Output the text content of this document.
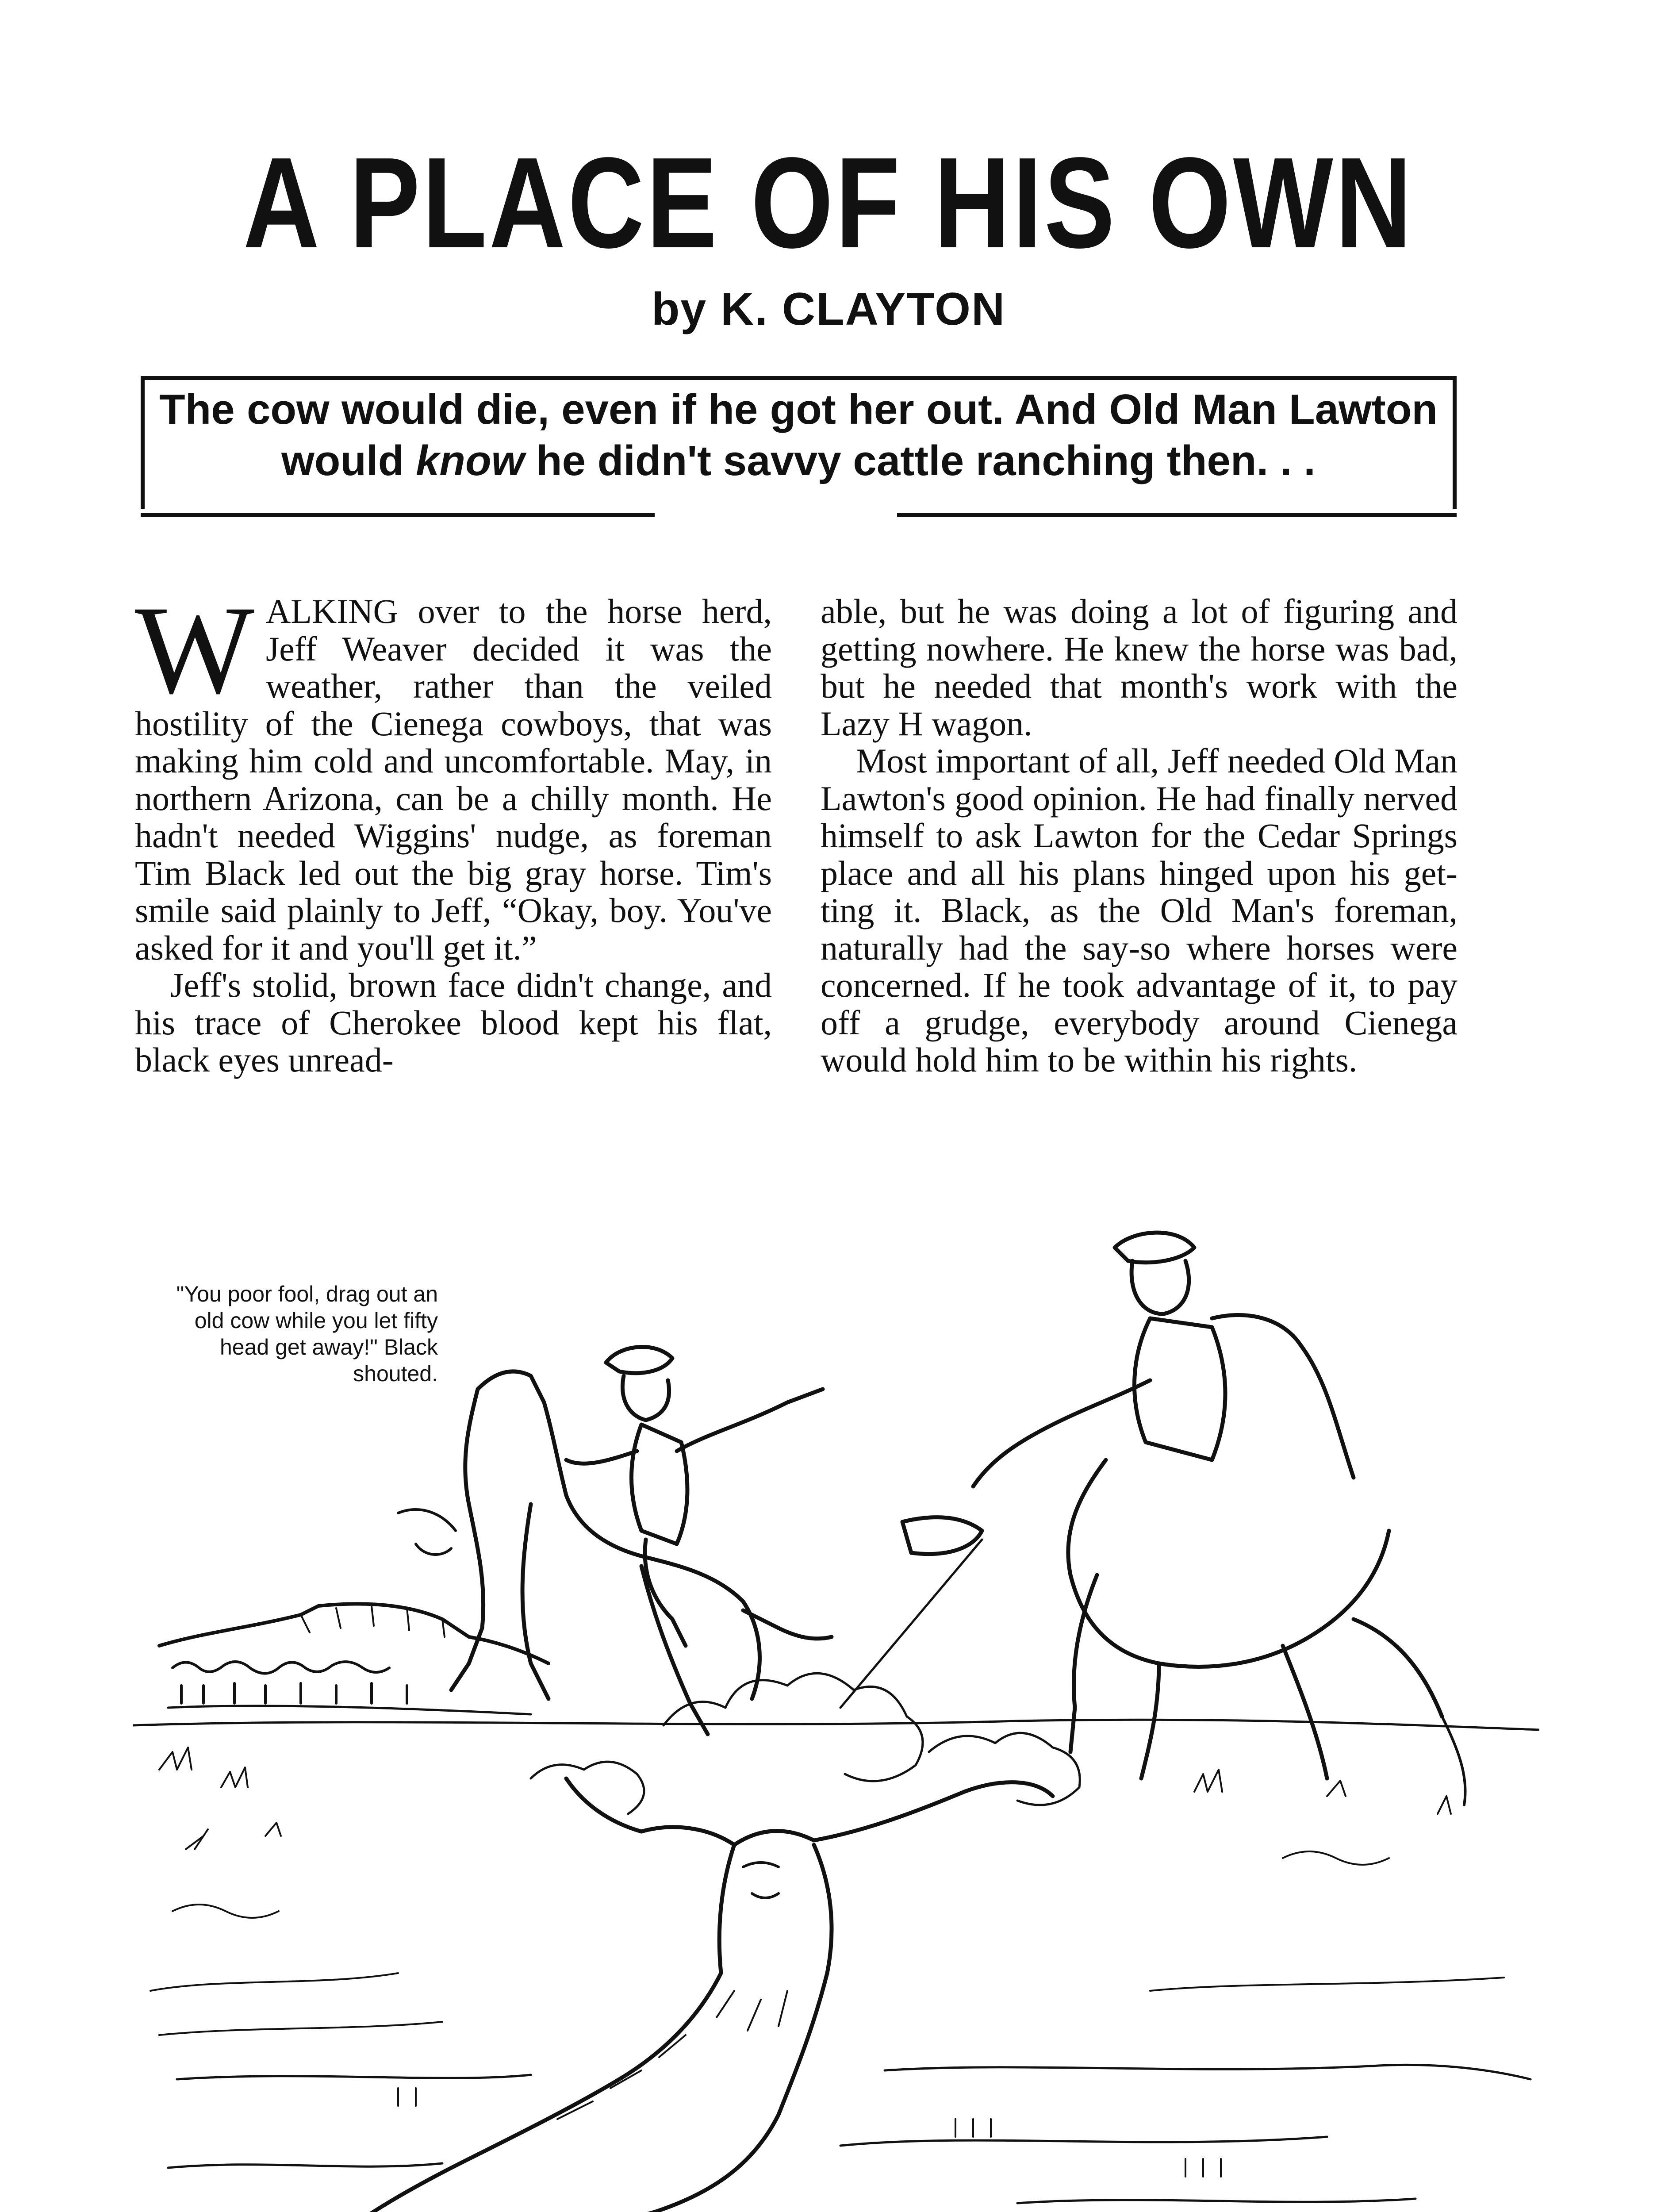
A PLACE OF HIS OWN
by K. CLAYTON

The cow would die, even if he got her out. And Old Man Lawton would know he didn't savvy cattle ranching then. . .

WALKING over to the horse herd, Jeff Weaver decided it was the weather, rather than the veiled hostility of the Cienega cowboys, that was making him cold and uncomfortable. May, in northern Arizona, can be a chilly month. He hadn't needed Wiggins' nudge, as foreman Tim Black led out the big gray horse. Tim's smile said plainly to Jeff, “Okay, boy. You've asked for it and you'll get it.”

Jeff's stolid, brown face didn't change, and his trace of Cherokee blood kept his flat, black eyes unread-

able, but he was doing a lot of figuring and getting nowhere. He knew the horse was bad, but he needed that month's work with the Lazy H wagon.

Most important of all, Jeff needed Old Man Lawton's good opinion. He had finally nerved himself to ask Lawton for the Cedar Springs place and all his plans hinged upon his getting it. Black, as the Old Man's foreman, naturally had the say-so where horses were concerned. If he took advantage of it, to pay off a grudge, everybody around Cienega would hold him to be within his rights.

"You poor fool, drag out an old cow while you let fifty head get away!" Black shouted.
